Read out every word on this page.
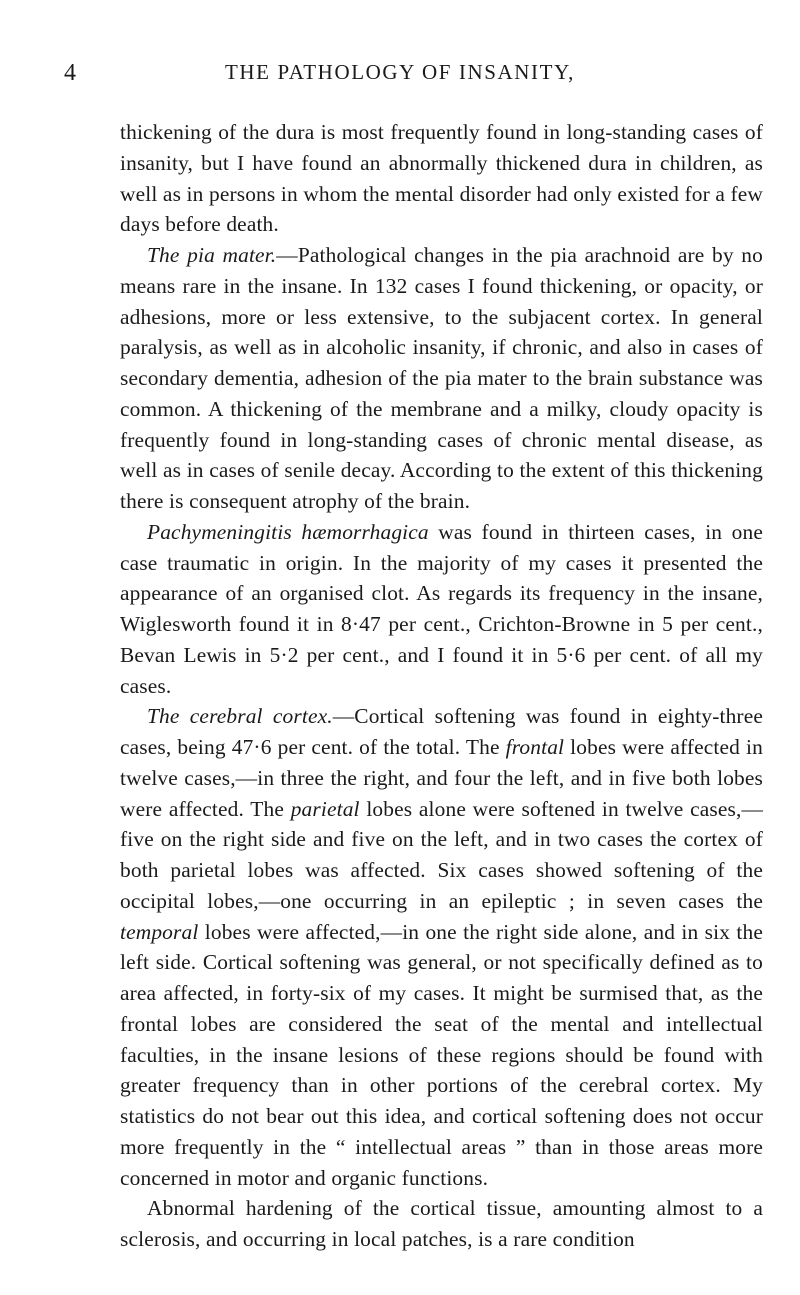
4	THE PATHOLOGY OF INSANITY,

thickening of the dura is most frequently found in long-standing cases of insanity, but I have found an abnormally thickened dura in children, as well as in persons in whom the mental disorder had only existed for a few days before death.

The pia mater.—Pathological changes in the pia arachnoid are by no means rare in the insane. In 132 cases I found thickening, or opacity, or adhesions, more or less extensive, to the subjacent cortex. In general paralysis, as well as in alcoholic insanity, if chronic, and also in cases of secondary dementia, adhesion of the pia mater to the brain substance was common. A thickening of the membrane and a milky, cloudy opacity is frequently found in long-standing cases of chronic mental disease, as well as in cases of senile decay. According to the extent of this thickening there is consequent atrophy of the brain.

Pachymeningitis hæmorrhagica was found in thirteen cases, in one case traumatic in origin. In the majority of my cases it presented the appearance of an organised clot. As regards its frequency in the insane, Wiglesworth found it in 8·47 per cent., Crichton-Browne in 5 per cent., Bevan Lewis in 5·2 per cent., and I found it in 5·6 per cent. of all my cases.

The cerebral cortex.—Cortical softening was found in eighty-three cases, being 47·6 per cent. of the total. The frontal lobes were affected in twelve cases,—in three the right, and four the left, and in five both lobes were affected. The parietal lobes alone were softened in twelve cases,—five on the right side and five on the left, and in two cases the cortex of both parietal lobes was affected. Six cases showed softening of the occipital lobes,—one occurring in an epileptic ; in seven cases the temporal lobes were affected,—in one the right side alone, and in six the left side. Cortical softening was general, or not specifically defined as to area affected, in forty-six of my cases. It might be surmised that, as the frontal lobes are considered the seat of the mental and intellectual faculties, in the insane lesions of these regions should be found with greater frequency than in other portions of the cerebral cortex. My statistics do not bear out this idea, and cortical softening does not occur more frequently in the “ intellectual areas ” than in those areas more concerned in motor and organic functions.

Abnormal hardening of the cortical tissue, amounting almost to a sclerosis, and occurring in local patches, is a rare condition
